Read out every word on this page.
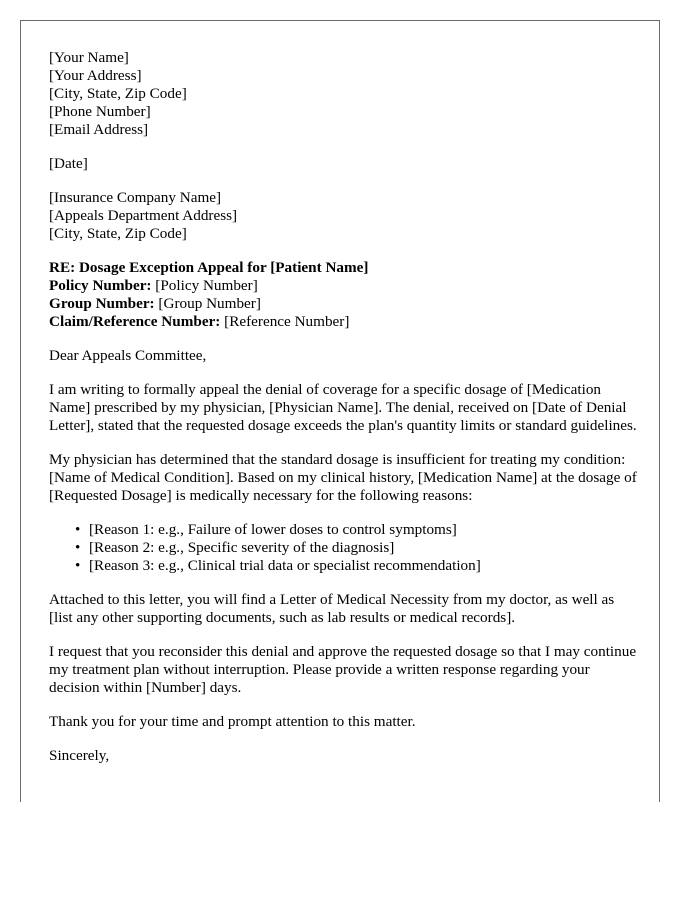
[Your Name]
[Your Address]
[City, State, Zip Code]
[Phone Number]
[Email Address]
[Date]
[Insurance Company Name]
[Appeals Department Address]
[City, State, Zip Code]
RE: Dosage Exception Appeal for [Patient Name]
Policy Number: [Policy Number]
Group Number: [Group Number]
Claim/Reference Number: [Reference Number]

Dear Appeals Committee,

I am writing to formally appeal the denial of coverage for a specific dosage of [Medication Name] prescribed by my physician, [Physician Name]. The denial, received on [Date of Denial Letter], stated that the requested dosage exceeds the plan's quantity limits or standard guidelines.

My physician has determined that the standard dosage is insufficient for treating my condition: [Name of Medical Condition]. Based on my clinical history, [Medication Name] at the dosage of [Requested Dosage] is medically necessary for the following reasons:

• [Reason 1: e.g., Failure of lower doses to control symptoms]
• [Reason 2: e.g., Specific severity of the diagnosis]
• [Reason 3: e.g., Clinical trial data or specialist recommendation]

Attached to this letter, you will find a Letter of Medical Necessity from my doctor, as well as [list any other supporting documents, such as lab results or medical records].

I request that you reconsider this denial and approve the requested dosage so that I may continue my treatment plan without interruption. Please provide a written response regarding your decision within [Number] days.

Thank you for your time and prompt attention to this matter.

Sincerely,
